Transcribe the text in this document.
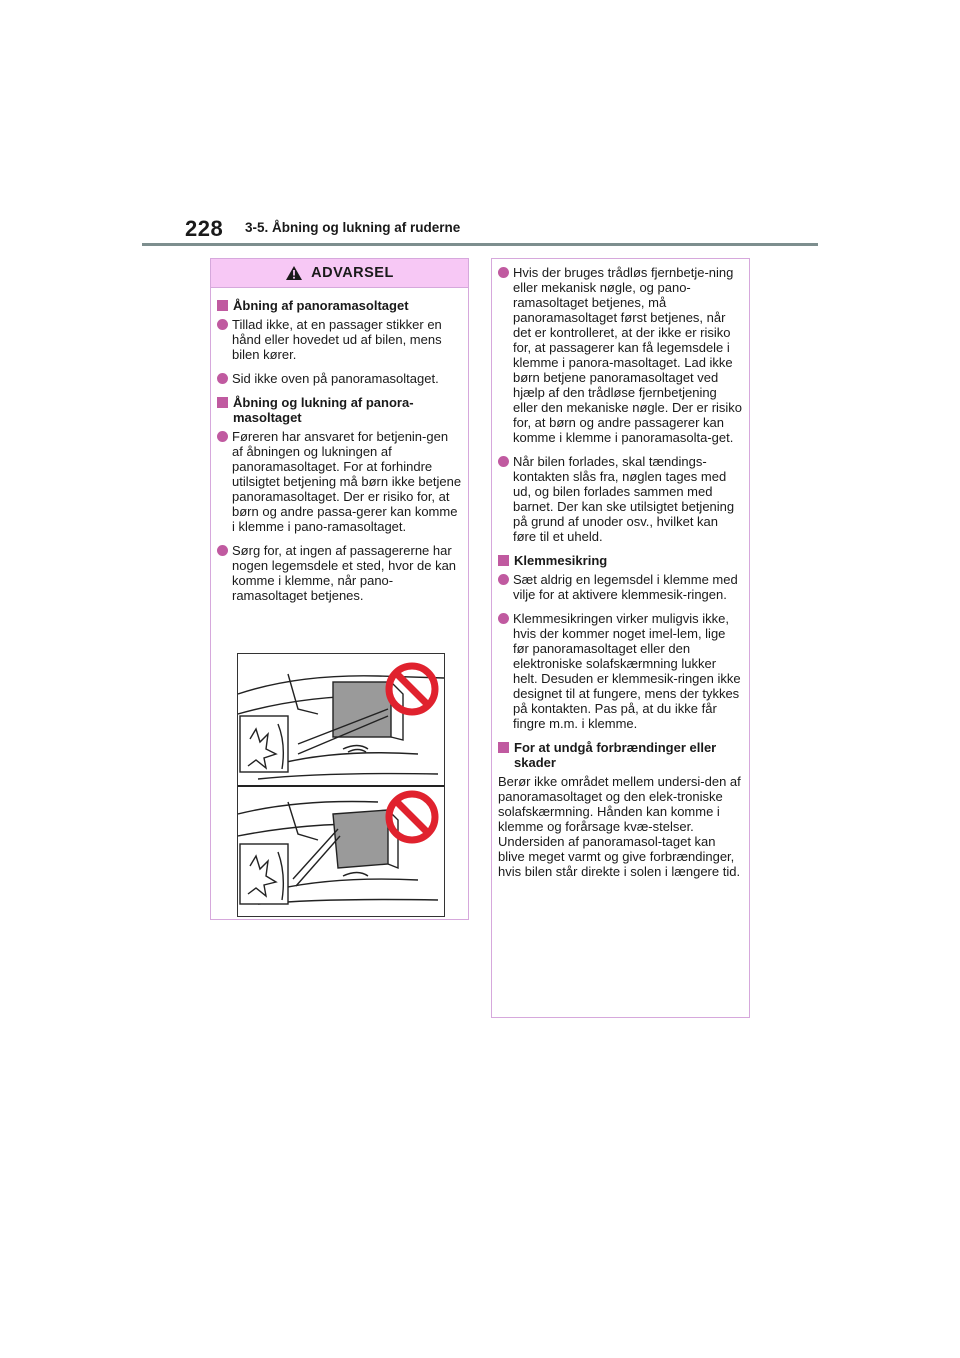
228 3-5. Åbning og lukning af ruderne
ADVARSEL
Åbning af panoramasoltaget
Tillad ikke, at en passager stikker en hånd eller hovedet ud af bilen, mens bilen kører.
Sid ikke oven på panoramasoltaget.
Åbning og lukning af panora-masoltaget
Føreren har ansvaret for betjenin-gen af åbningen og lukningen af panoramasoltaget. For at forhindre utilsigtet betjening må børn ikke betjene panoramasoltaget. Der er risiko for, at børn og andre passa-gerer kan komme i klemme i pano-ramasoltaget.
Sørg for, at ingen af passagererne har nogen legemsdele et sted, hvor de kan komme i klemme, når pano-ramasoltaget betjenes.
Hvis der bruges trådløs fjernbetje-ning eller mekanisk nøgle, og pano-ramasoltaget betjenes, må panoramasoltaget først betjenes, når det er kontrolleret, at der ikke er risiko for, at passagerer kan få legemsdele i klemme i panora-masoltaget. Lad ikke børn betjene panoramasoltaget ved hjælp af den trådløse fjernbetjening eller den mekaniske nøgle. Der er risiko for, at børn og andre passagerer kan komme i klemme i panoramasolta-get.
Når bilen forlades, skal tændings-kontakten slås fra, nøglen tages med ud, og bilen forlades sammen med barnet. Der kan ske utilsigtet betjening på grund af unoder osv., hvilket kan føre til et uheld.
Klemmesikring
Sæt aldrig en legemsdel i klemme med vilje for at aktivere klemmesik-ringen.
Klemmesikringen virker muligvis ikke, hvis der kommer noget imel-lem, lige før panoramasoltaget eller den elektroniske solafskærmning lukker helt. Desuden er klemmesik-ringen ikke designet til at fungere, mens der tykkes på kontakten. Pas på, at du ikke får fingre m.m. i klemme.
For at undgå forbrændinger eller skader

Berør ikke området mellem undersi-den af panoramasoltaget og den elek-troniske solafskærmning. Hånden kan komme i klemme og forårsage kvæ-stelser. Undersiden af panoramasol-taget kan blive meget varmt og give forbrændinger, hvis bilen står direkte i solen i længere tid.
